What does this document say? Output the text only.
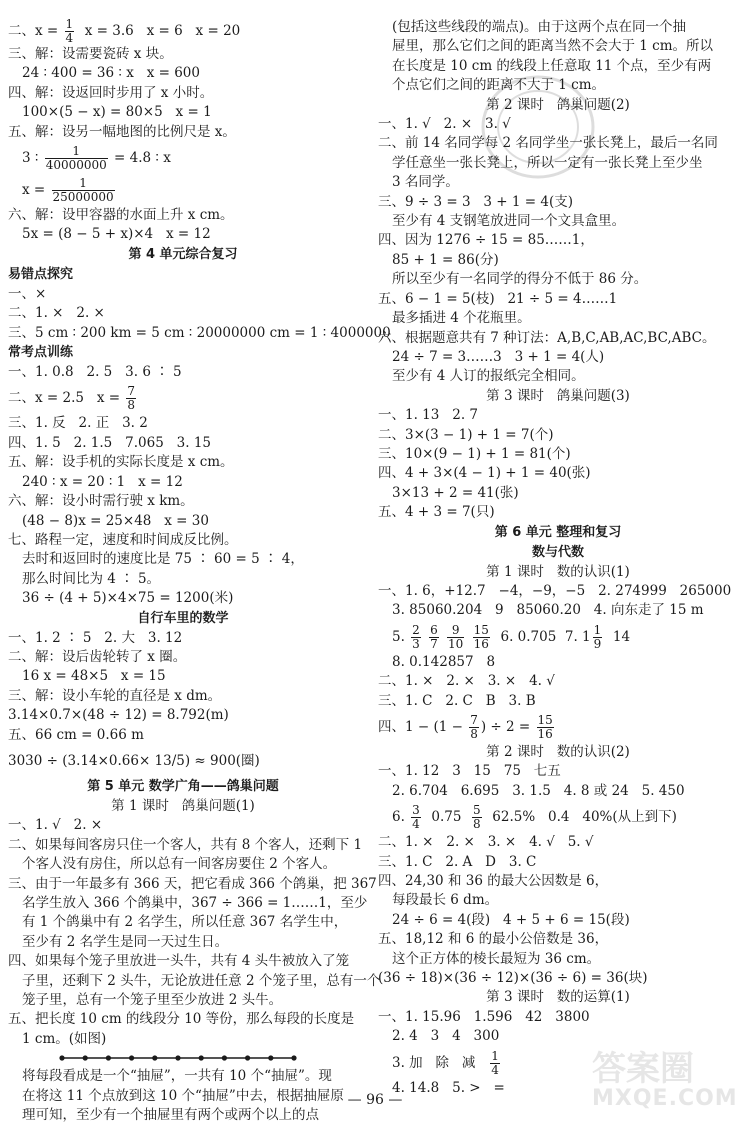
二、$x = \frac{1}{4}$ x = 3.6   x = 6   x = 20
三、解：设需要瓷砖 x 块。
24 ∶ 400 = 36 ∶ x   x = 600
四、解：设返回时步用了 x 小时。
100×(5 − x) = 80×5   x = 1
五、解：设另一幅地图的比例尺是 x。
3 ∶ $\frac{1}{40000000} = 4.8$ ∶ x
$x = \frac{1}{25000000}$
六、解：设甲容器的水面上升 x cm。
5x = (8 − 5 + x)×4   x = 12
第 4 单元综合复习
易错点探究
一、×
二、1. ×   2. ×
三、5 cm ∶ 200 km = 5 cm ∶ 20000000 cm = 1 ∶ 4000000
常考点训练
一、1. 0.8   2. 5   3. 6 ∶ 5
二、x = 2.5   $x = \frac{7}{8}$
三、1. 反   2. 正   3. 2
四、1. 5   2. 1.5   7.065   3. 15
五、解：设手机的实际长度是 x cm。
240 ∶ x = 20 ∶ 1   x = 12
六、解：设小时需行驶 x km。
(48 − 8)x = 25×48   x = 30
七、路程一定，速度和时间成反比例。
去时和返回时的速度比是 75 ∶ 60 = 5 ∶ 4，
那么时间比为 4 ∶ 5。
36 ÷ (4 + 5)×4×75 = 1200(米)
自行车里的数学
一、1. 2 ∶ 5   2. 大   3. 12
二、解：设后齿轮转了 x 圈。
16 x = 48×5   x = 15
三、解：设小车轮的直径是 x dm。
3.14×0.7×(48 ÷ 12) = 8.792(m)
五、66 cm = 0.66 m
3030 ÷ (3.14×0.66× 13/5) ≈ 900(圈)
第 5 单元 数学广角——鸽巢问题
第 1 课时   鸽巢问题(1)
一、1. √   2. ×
二、如果每间客房只住一个客人，共有 8 个客人，还剩下 1
个客人没有房住，所以总有一间客房要住 2 个客人。
三、由于一年最多有 366 天，把它看成 366 个鸽巢，把 367
名学生放入 366 个鸽巢中，367 ÷ 366 = 1……1，至少
有 1 个鸽巢中有 2 名学生，所以任意 367 名学生中，
至少有 2 名学生是同一天过生日。
四、如果每个笼子里放进一头牛，共有 4 头牛被放入了笼
子里，还剩下 2 头牛，无论放进任意 2 个笼子里，总有一个
笼子里，总有一个笼子里至少放进 2 头牛。
五、把长度 10 cm 的线段分 10 等份，那么每段的长度是
1 cm。(如图)
将每段看成是一个“抽屉”，一共有 10 个“抽屉”。现
在将这 11 个点放到这 10 个“抽屉”中去，根据抽屉原
理可知，至少有一个抽屉里有两个或两个以上的点
(包括这些线段的端点)。由于这两个点在同一个抽
屉里，那么它们之间的距离当然不会大于 1 cm。所以
在长度是 10 cm 的线段上任意取 11 个点，至少有两
个点它们之间的距离不大于 1 cm。
第 2 课时   鸽巢问题(2)
一、1. √   2. ×   3. √
二、前 14 名同学每 2 名同学坐一张长凳上，最后一名同
学任意坐一张长凳上，所以一定有一张长凳上至少坐
3 名同学。
三、9 ÷ 3 = 3   3 + 1 = 4(支)
至少有 4 支钢笔放进同一个文具盒里。
四、因为 1276 ÷ 15 = 85……1，
85 + 1 = 86(分)
所以至少有一名同学的得分不低于 86 分。
五、6 − 1 = 5(枝)   21 ÷ 5 = 4……1
最多插进 4 个花瓶里。
六、根据题意共有 7 种订法：A,B,C,AB,AC,BC,ABC。
24 ÷ 7 = 3……3   3 + 1 = 4(人)
至少有 4 人订的报纸完全相同。
第 3 课时   鸽巢问题(3)
一、1. 13   2. 7
二、3×(3 − 1) + 1 = 7(个)
三、10×(9 − 1) + 1 = 81(个)
四、4 + 3×(4 − 1) + 1 = 40(张)
3×13 + 2 = 41(张)
五、4 + 3 = 7(只)
第 6 单元 整理和复习
数与代数
第 1 课时   数的认识(1)
一、1. 6，+12.7   −4，−9，−5   2. 274999   265000
3. 85060.204   9   85060.20   4. 向东走了 15 m
5. $\frac{2}{3}$
$\frac{6}{7}$
$\frac{9}{10}$
$\frac{15}{16} 6$. 0.705  7. $1 \frac{1}{9} 14$
8. 0.142857   8
二、1. ×   2. ×   3. ×   4. √
三、1. C   2. C   B   3. B
四、$1 - (1 - \frac{7}{8}$ ) ÷ $2 = \frac{15}{16}$
第 2 课时   数的认识(2)
一、1. 12   3   15   75   七五
2. 6.704   6.695   3. 1.5   4. 8 或 24   5. 450
6. $\frac{3}{4} 0.75 \frac{5}{8} 62.5\%$   0.4   40%(从上到下)
二、1. ×   2. ×   3. ×   4. √   5. √
三、1. C   2. A   D   3. C
四、24,30 和 36 的最大公因数是 6，
每段最长 6 dm。
24 ÷ 6 = 4(段)   4 + 5 + 6 = 15(段)
五、18,12 和 6 的最小公倍数是 36，
这个正方体的棱长最短为 36 cm。
(36 ÷ 18)×(36 ÷ 12)×(36 ÷ 6) = 36(块)
第 3 课时   数的运算(1)
一、1. 15.96   1.596   42   3800
2. 4   3   4   300
3. 加   除   减 $\frac{1}{4}$
4. 14.8   5. >   =
— 96 —
答案圈
MXQE.COM
